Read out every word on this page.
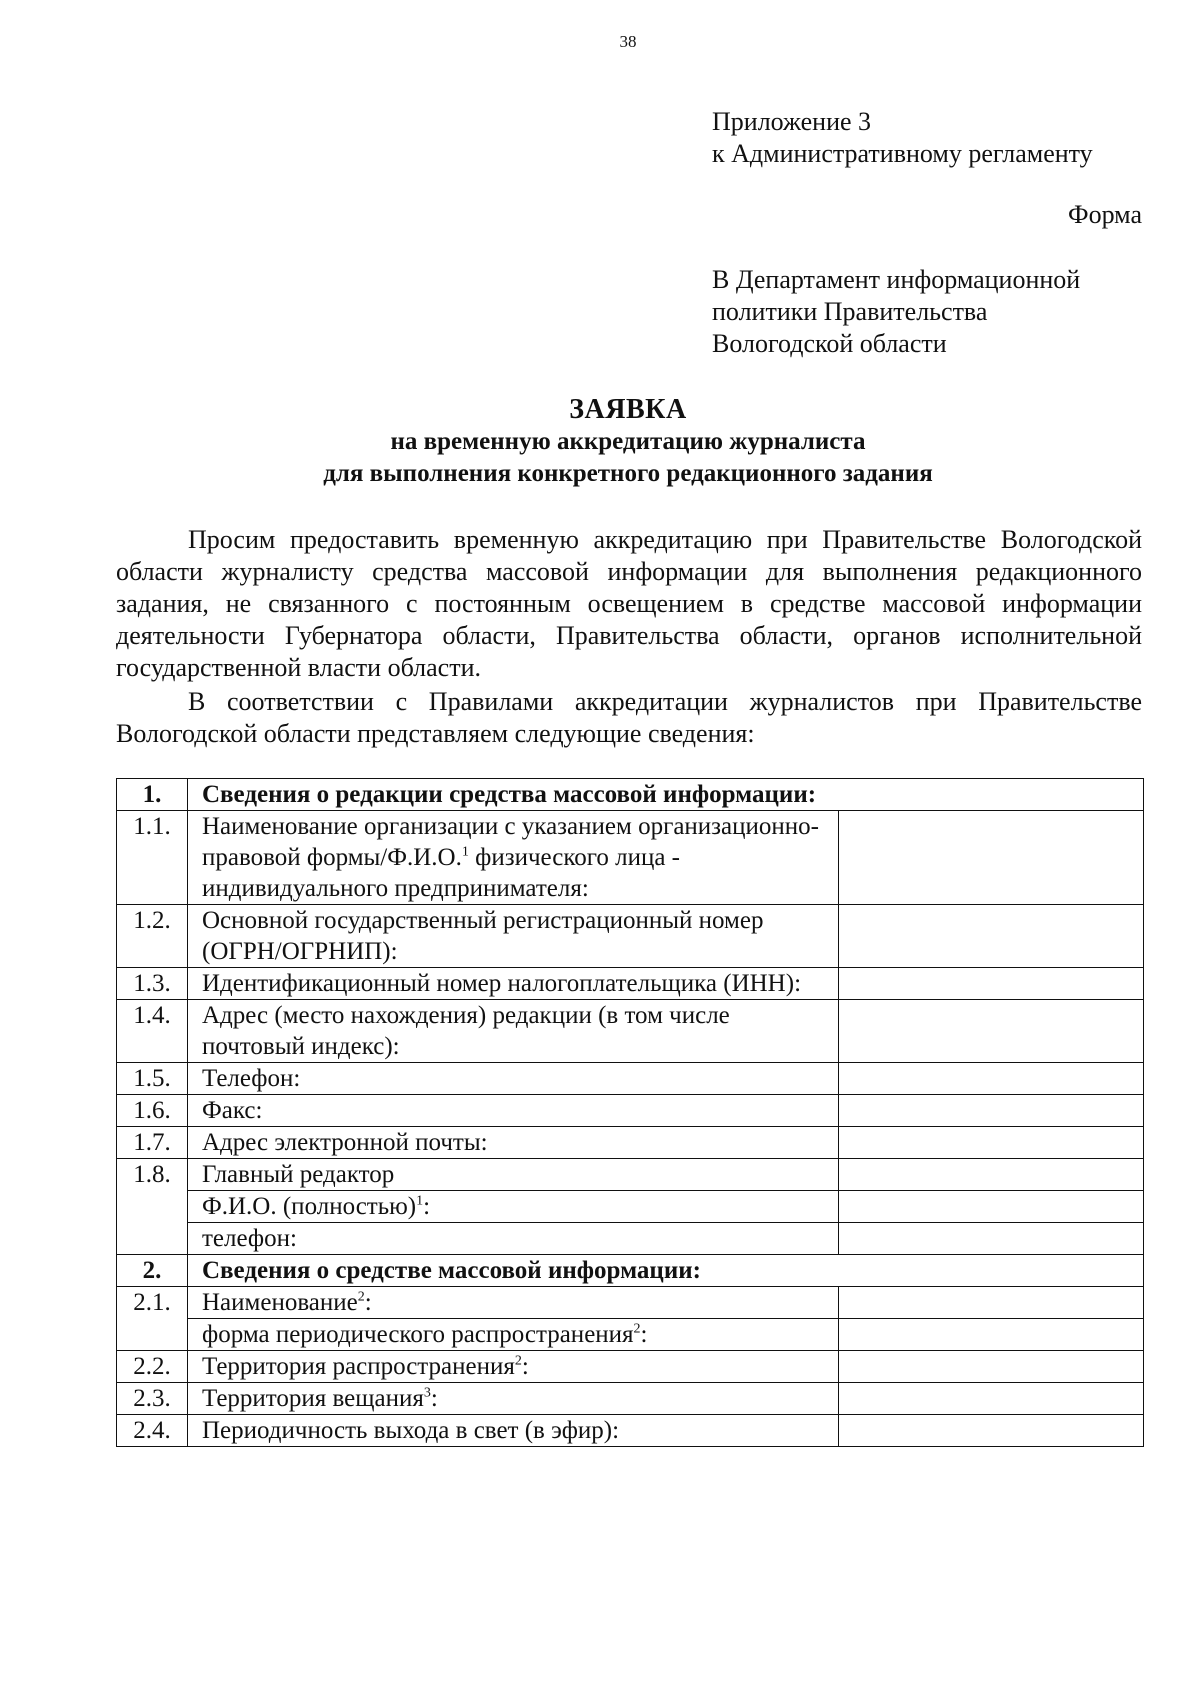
38
Приложение 3
к Административному регламенту
Форма
В Департамент информационной
политики Правительства
Вологодской области
ЗАЯВКА
на временную аккредитацию журналиста
для выполнения конкретного редакционного задания

Просим предоставить временную аккредитацию при Правительстве Вологодской области журналисту средства массовой информации для выполнения редакционного задания, не связанного с постоянным освещением в средстве массовой информации деятельности Губернатора области, Правительства области, органов исполнительной государственной власти области.

В соответствии с Правилами аккредитации журналистов при Правительстве Вологодской области представляем следующие сведения:

1.	Сведения о редакции средства массовой информации:	
1.1.	Наименование организации с указанием организационно-правовой формы/Ф.И.О.$^1$ физического лица - индивидуального предпринимателя:	
1.2.	Основной государственный регистрационный номер (ОГРН/ОГРНИП):	
1.3.	Идентификационный номер налогоплательщика (ИНН):	
1.4.	Адрес (место нахождения) редакции (в том числе почтовый индекс):	
1.5.	Телефон:	
1.6.	Факс:	
1.7.	Адрес электронной почты:	
1.8.	Главный редактор	
	Ф.И.О. (полностью)$^1$:	
	телефон:	
2.	Сведения о средстве массовой информации:	
2.1.	Наименование$^2$:	
	форма периодического распространения$^2$:	
2.2.	Территория распространения$^2$:	
2.3.	Территория вещания$^3$:	
2.4.	Периодичность выхода в свет (в эфир):	
